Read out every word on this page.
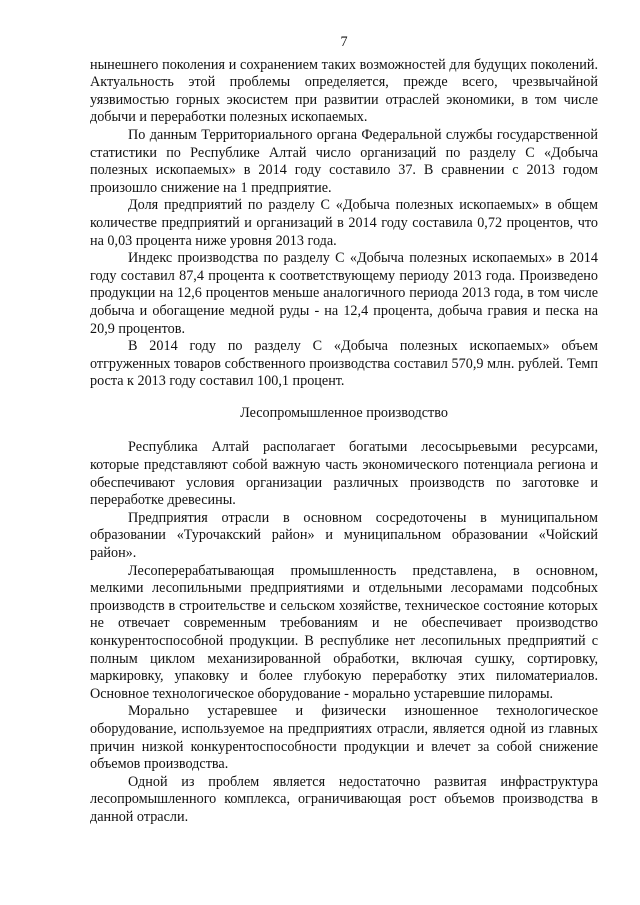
7

нынешнего поколения и сохранением таких возможностей для будущих поколений. Актуальность этой проблемы определяется, прежде всего, чрезвычайной уязвимостью горных экосистем при развитии отраслей экономики, в том числе добычи и переработки полезных ископаемых.

По данным Территориального органа Федеральной службы государственной статистики по Республике Алтай число организаций по разделу С «Добыча полезных ископаемых» в 2014 году составило 37. В сравнении с 2013 годом произошло снижение на 1 предприятие.

Доля предприятий по разделу С «Добыча полезных ископаемых» в общем количестве предприятий и организаций в 2014 году составила 0,72 процентов, что на 0,03 процента ниже уровня 2013 года.

Индекс производства по разделу С «Добыча полезных ископаемых» в 2014 году составил 87,4 процента к соответствующему периоду 2013 года. Произведено продукции на 12,6 процентов меньше аналогичного периода 2013 года, в том числе добыча и обогащение медной руды - на 12,4 процента, добыча гравия и песка на 20,9 процентов.

В 2014 году по разделу С «Добыча полезных ископаемых» объем отгруженных товаров собственного производства составил 570,9 млн. рублей. Темп роста к 2013 году составил 100,1 процент.

Лесопромышленное производство

Республика Алтай располагает богатыми лесосырьевыми ресурсами, которые представляют собой важную часть экономического потенциала региона и обеспечивают условия организации различных производств по заготовке и переработке древесины.

Предприятия отрасли в основном сосредоточены в муниципальном образовании «Турочакский район» и муниципальном образовании «Чойский район».

Лесоперерабатывающая промышленность представлена, в основном, мелкими лесопильными предприятиями и отдельными лесорамами подсобных производств в строительстве и сельском хозяйстве, техническое состояние которых не отвечает современным требованиям и не обеспечивает производство конкурентоспособной продукции. В республике нет лесопильных предприятий с полным циклом механизированной обработки, включая сушку, сортировку, маркировку, упаковку и более глубокую переработку этих пиломатериалов. Основное технологическое оборудование - морально устаревшие пилорамы.

Морально устаревшее и физически изношенное технологическое оборудование, используемое на предприятиях отрасли, является одной из главных причин низкой конкурентоспособности продукции и влечет за собой снижение объемов производства.

Одной из проблем является недостаточно развитая инфраструктура лесопромышленного комплекса, ограничивающая рост объемов производства в данной отрасли.
